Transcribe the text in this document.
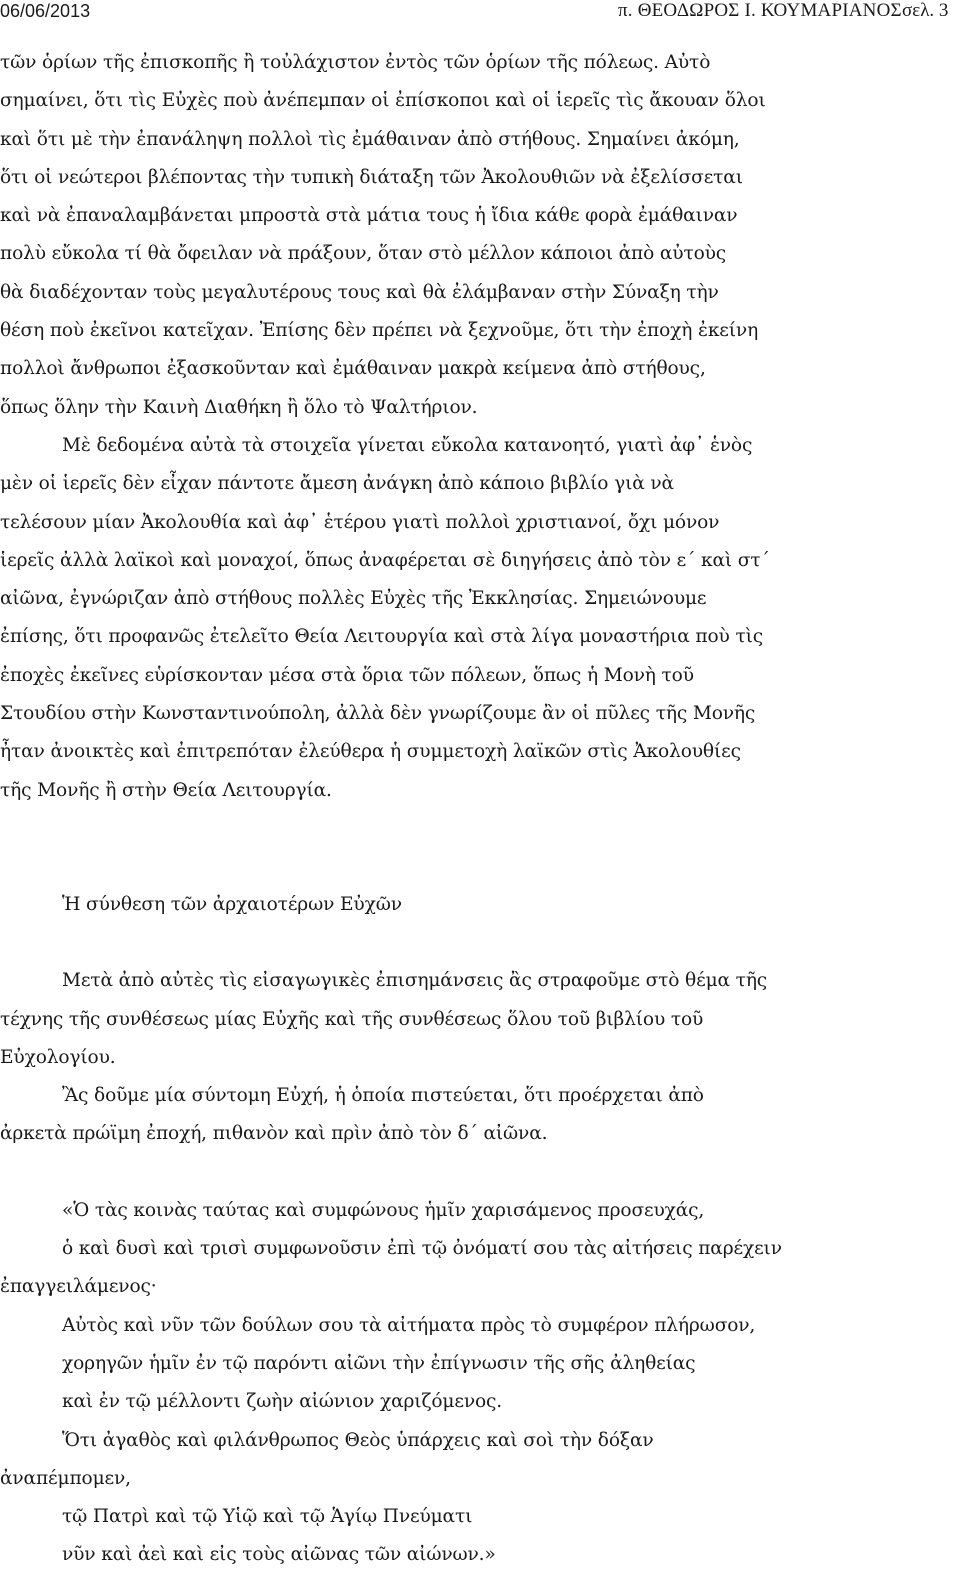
06/06/2013	π. ΘΕΟΔΩΡΟΣ Ι. ΚΟΥΜΑΡΙΑΝΟΣ σελ. 3
τῶν ὁρίων τῆς ἐπισκοπῆς ἢ τοὐλάχιστον ἐντὸς τῶν ὁρίων τῆς πόλεως. Αὐτὸ
σημαίνει, ὅτι τὶς Εὐχὲς ποὺ ἀνέπεμπαν οἱ ἐπίσκοποι καὶ οἱ ἱερεῖς τὶς ἄκουαν ὅλοι
καὶ ὅτι μὲ τὴν ἐπανάληψη πολλοὶ τὶς ἐμάθαιναν ἀπὸ στήθους. Σημαίνει ἀκόμη,
ὅτι οἱ νεώτεροι βλέποντας τὴν τυπικὴ διάταξη τῶν Ἀκολουθιῶν νὰ ἐξελίσσεται
καὶ νὰ ἐπαναλαμβάνεται μπροστὰ στὰ μάτια τους ἡ ἴδια κάθε φορὰ ἐμάθαιναν
πολὺ εὔκολα τί θὰ ὄφειλαν νὰ πράξουν, ὅταν στὸ μέλλον κάποιοι ἀπὸ αὐτοὺς
θὰ διαδέχονταν τοὺς μεγαλυτέρους τους καὶ θὰ ἐλάμβαναν στὴν Σύναξη τὴν
θέση ποὺ ἐκεῖνοι κατεῖχαν. Ἐπίσης δὲν πρέπει νὰ ξεχνοῦμε, ὅτι τὴν ἐποχὴ ἐκείνη
πολλοὶ ἄνθρωποι ἐξασκοῦνταν καὶ ἐμάθαιναν μακρὰ κείμενα ἀπὸ στήθους,
ὅπως ὅλην τὴν Καινὴ Διαθήκη ἢ ὅλο τὸ Ψαλτήριον.
Μὲ δεδομένα αὐτὰ τὰ στοιχεῖα γίνεται εὔκολα κατανοητό, γιατὶ ἀφ᾽ ἑνὸς
μὲν οἱ ἱερεῖς δὲν εἶχαν πάντοτε ἄμεση ἀνάγκη ἀπὸ κάποιο βιβλίο γιὰ νὰ
τελέσουν μίαν Ἀκολουθία καὶ ἀφ᾽ ἑτέρου γιατὶ πολλοὶ χριστιανοί, ὄχι μόνον
ἱερεῖς ἀλλὰ λαϊκοὶ καὶ μοναχοί, ὅπως ἀναφέρεται σὲ διηγήσεις ἀπὸ τὸν ε΄ καὶ στ΄
αἰῶνα, ἐγνώριζαν ἀπὸ στήθους πολλὲς Εὐχὲς τῆς Ἐκκλησίας. Σημειώνουμε
ἐπίσης, ὅτι προφανῶς ἐτελεῖτο Θεία Λειτουργία καὶ στὰ λίγα μοναστήρια ποὺ τὶς
ἐποχὲς ἐκεῖνες εὑρίσκονταν μέσα στὰ ὅρια τῶν πόλεων, ὅπως ἡ Μονὴ τοῦ
Στουδίου στὴν Κωνσταντινούπολη, ἀλλὰ δὲν γνωρίζουμε ἂν οἱ πῦλες τῆς Μονῆς
ἦταν ἀνοικτὲς καὶ ἐπιτρεπόταν ἐλεύθερα ἡ συμμετοχὴ λαϊκῶν στὶς Ἀκολουθίες
τῆς Μονῆς ἢ στὴν Θεία Λειτουργία.
Ἡ σύνθεση τῶν ἀρχαιοτέρων Εὐχῶν
Μετὰ ἀπὸ αὐτὲς τὶς εἰσαγωγικὲς ἐπισημάνσεις ἂς στραφοῦμε στὸ θέμα τῆς
τέχνης τῆς συνθέσεως μίας Εὐχῆς καὶ τῆς συνθέσεως ὅλου τοῦ βιβλίου τοῦ
Εὐχολογίου.
Ἂς δοῦμε μία σύντομη Εὐχή, ἡ ὁποία πιστεύεται, ὅτι προέρχεται ἀπὸ
ἀρκετὰ πρώϊμη ἐποχή, πιθανὸν καὶ πρὶν ἀπὸ τὸν δ΄ αἰῶνα.
«Ὁ τὰς κοινὰς ταύτας καὶ συμφώνους ἡμῖν χαρισάμενος προσευχάς,
ὁ καὶ δυσὶ καὶ τρισὶ συμφωνοῦσιν ἐπὶ τῷ ὀνόματί σου τὰς αἰτήσεις παρέχειν
ἐπαγγειλάμενος·
Αὐτὸς καὶ νῦν τῶν δούλων σου τὰ αἰτήματα πρὸς τὸ συμφέρον πλήρωσον,
χορηγῶν ἡμῖν ἐν τῷ παρόντι αἰῶνι τὴν ἐπίγνωσιν τῆς σῆς ἀληθείας
καὶ ἐν τῷ μέλλοντι ζωὴν αἰώνιον χαριζόμενος.
Ὅτι ἀγαθὸς καὶ φιλάνθρωπος Θεὸς ὑπάρχεις καὶ σοὶ τὴν δόξαν
ἀναπέμπομεν,
τῷ Πατρὶ καὶ τῷ Υἱῷ καὶ τῷ Ἁγίῳ Πνεύματι
νῦν καὶ ἀεὶ καὶ εἰς τοὺς αἰῶνας τῶν αἰώνων.»
